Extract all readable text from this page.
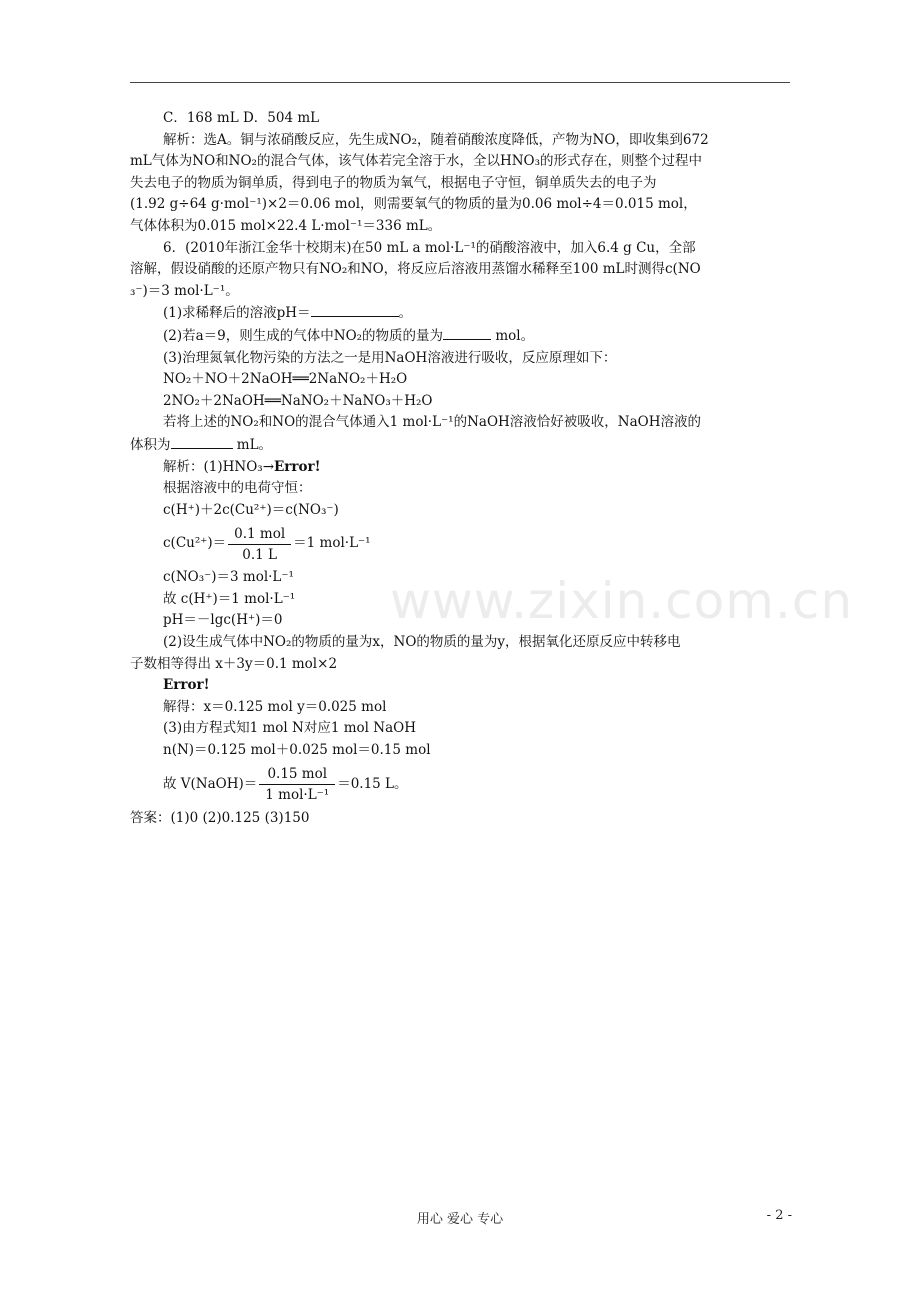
www.zixin.com.cn
C．168 mL D．504 mL
解析：选A。铜与浓硝酸反应，先生成NO₂，随着硝酸浓度降低，产物为NO，即收集到672
mL气体为NO和NO₂的混合气体，该气体若完全溶于水，全以HNO₃的形式存在，则整个过程中
失去电子的物质为铜单质，得到电子的物质为氧气，根据电子守恒，铜单质失去的电子为
(1.92 g÷64 g·mol⁻¹)×2＝0.06 mol，则需要氧气的物质的量为0.06 mol÷4＝0.015 mol，
气体体积为0.015 mol×22.4 L·mol⁻¹＝336 mL。
6．(2010年浙江金华十校期末)在50 mL a mol·L⁻¹的硝酸溶液中，加入6.4 g Cu，全部
溶解，假设硝酸的还原产物只有NO₂和NO，将反应后溶液用蒸馏水稀释至100 mL时测得c(NO
₃⁻)＝3 mol·L⁻¹。
(1)求稀释后的溶液pH＝	。
(2)若a＝9，则生成的气体中NO₂的物质的量为	mol。
(3)治理氮氧化物污染的方法之一是用NaOH溶液进行吸收，反应原理如下：
NO₂＋NO＋2NaOH══2NaNO₂＋H₂O
2NO₂＋2NaOH══NaNO₂＋NaNO₃＋H₂O
若将上述的NO₂和NO的混合气体通入1 mol·L⁻¹的NaOH溶液恰好被吸收，NaOH溶液的
体积为	mL。
解析：(1)HNO₃→Error!
根据溶液中的电荷守恒：
c(H⁺)＋2c(Cu²⁺)＝c(NO₃⁻)
$c(Cu^{2+})= \frac{\text{0.1 mol}}{0.1 L} =1$ mol·L⁻¹
c(NO₃⁻)＝3 mol·L⁻¹
故 c(H⁺)＝1 mol·L⁻¹
pH＝－lgc(H⁺)＝0
(2)设生成气体中NO₂的物质的量为x，NO的物质的量为y，根据氧化还原反应中转移电
子数相等得出 x＋3y＝0.1 mol×2
Error!
解得：x＝0.125 mol y＝0.025 mol
(3)由方程式知1 mol N对应1 mol NaOH
n(N)＝0.125 mol＋0.025 mol＝0.15 mol
故 V(NaOH)＝ $\frac{\text{0.15 mol}}{\text{1 mol·L⁻¹}} =0.15$ L。
答案：(1)0 (2)0.125 (3)150
用心 爱心 专心	- 2 -
